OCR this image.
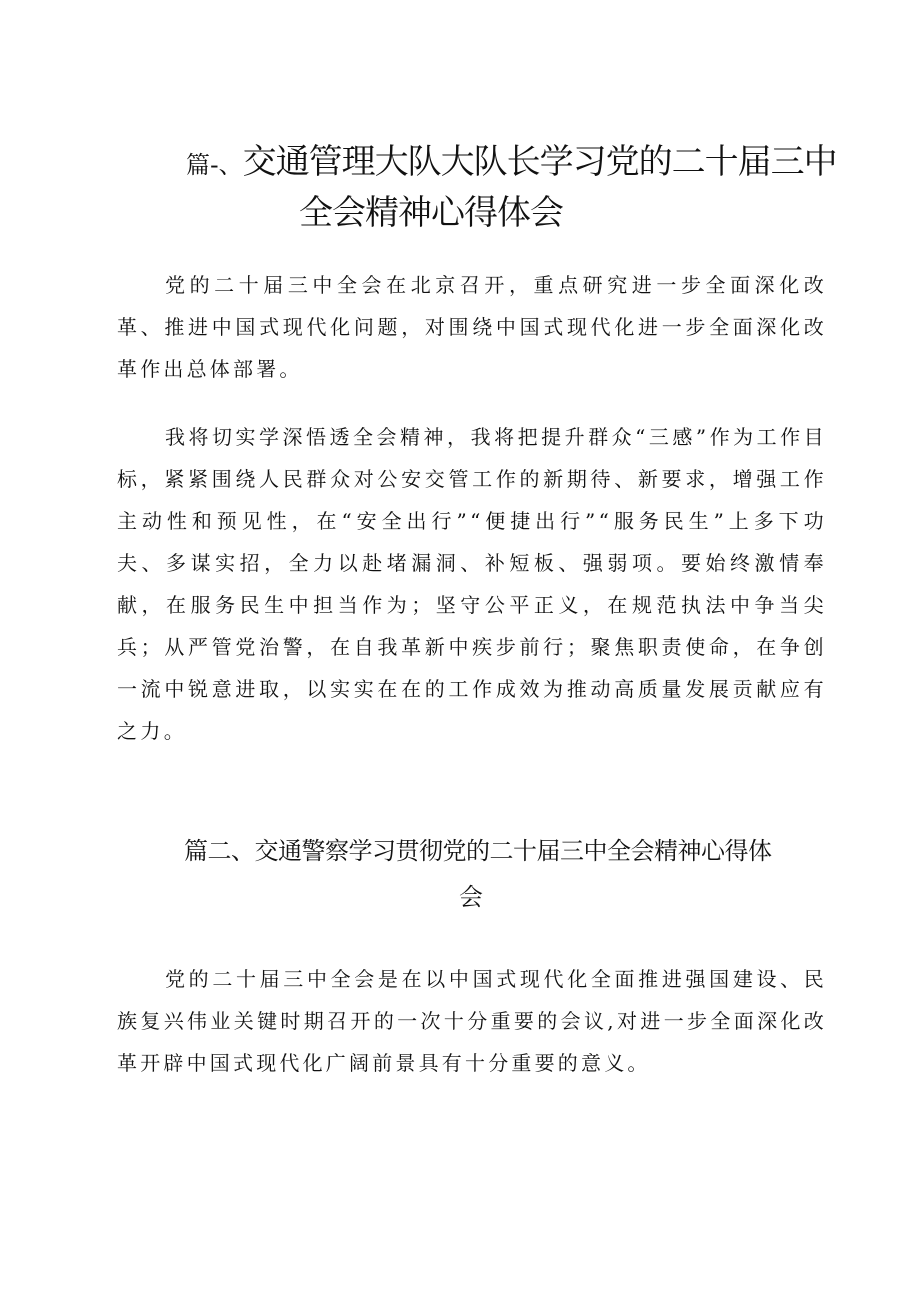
篇-、交通管理大队大队长学习党的二十届三中
全会精神心得体会

党的二十届三中全会在北京召开，重点研究进一步全面深化改革、推进中国式现代化问题，对围绕中国式现代化进一步全面深化改革作出总体部署。

我将切实学深悟透全会精神，我将把提升群众“三感”作为工作目标，紧紧围绕人民群众对公安交管工作的新期待、新要求，增强工作主动性和预见性，在“安全出行”“便捷出行”“服务民生”上多下功夫、多谋实招，全力以赴堵漏洞、补短板、强弱项。要始终激情奉献，在服务民生中担当作为；坚守公平正义，在规范执法中争当尖兵；从严管党治警，在自我革新中疾步前行；聚焦职责使命，在争创一流中锐意进取，以实实在在的工作成效为推动高质量发展贡献应有之力。

篇二、交通警察学习贯彻党的二十届三中全会精神心得体
会

党的二十届三中全会是在以中国式现代化全面推进强国建设、民族复兴伟业关键时期召开的一次十分重要的会议,对进一步全面深化改革开辟中国式现代化广阔前景具有十分重要的意义。
